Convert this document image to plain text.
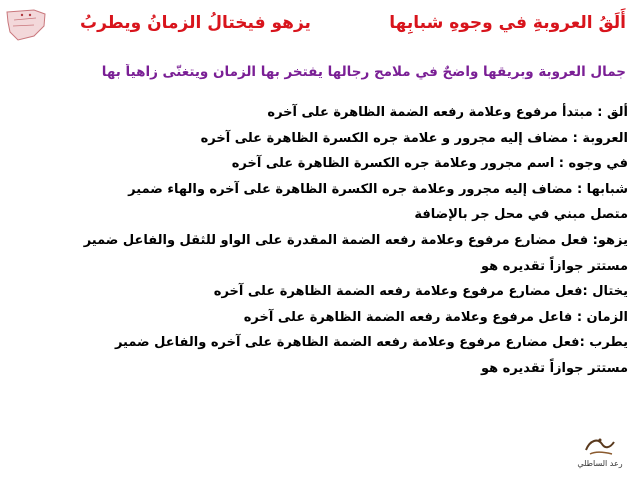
أَلَقُ العروبةِ في وجوهِ شبابِها
يزهو فيختالُ الزمانُ ويطربُ
جمال العروبة وبريقها واضحٌ في ملامح رجالها يفتخر بها الزمان ويتغنّى زاهياً بها
ألق : مبتدأ مرفوع وعلامة رفعه الضمة الظاهرة على آخره
العروبة : مضاف إليه مجرور و علامة جره الكسرة الظاهرة على آخره
في وجوه : اسم مجرور وعلامة جره الكسرة الظاهرة على آخره
شبابها : مضاف إليه مجرور وعلامة جره الكسرة الظاهرة على آخره والهاء ضمير
متصل مبني في محل جر بالإضافة
يزهو: فعل مضارع مرفوع وعلامة رفعه الضمة المقدرة على الواو للثقل والفاعل ضمير
مستتر جوازاً تقديره هو
يختال :فعل مضارع مرفوع وعلامة رفعه الضمة الظاهرة على آخره
الزمان : فاعل مرفوع وعلامة رفعه الضمة الظاهرة على آخره
يطرب :فعل مضارع مرفوع وعلامة رفعه الضمة الظاهرة على آخره والفاعل ضمير
مستتر جوازاً تقديره هو
رعد الساطلي
